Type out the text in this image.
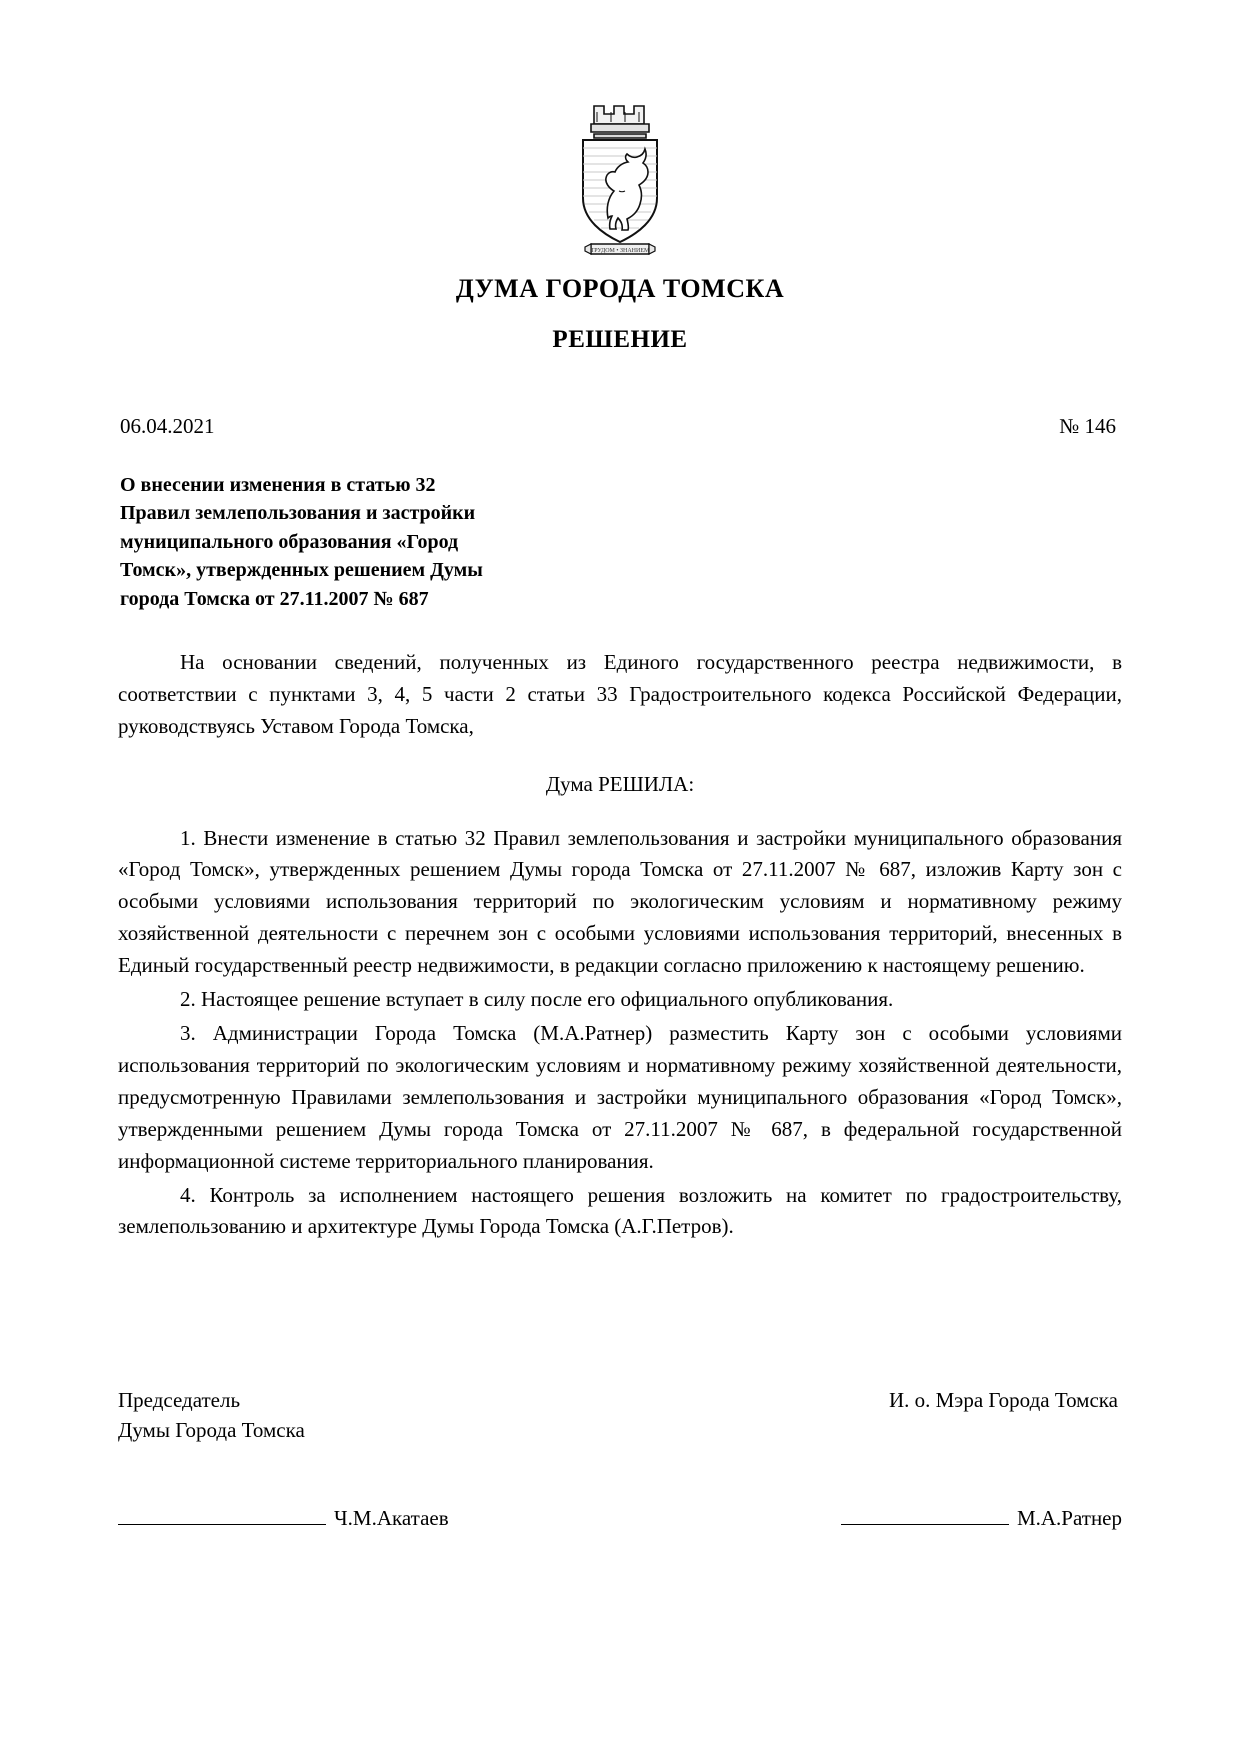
ТРУДОМ • ЗНАНИЕМ
ДУМА ГОРОДА ТОМСКА
РЕШЕНИЕ
06.04.2021	№ 146
О внесении изменения в статью 32
Правил землепользования и застройки
муниципального образования «Город
Томск», утвержденных решением Думы
города Томска от 27.11.2007 № 687

На основании сведений, полученных из Единого государственного реестра недвижимости, в соответствии с пунктами 3, 4, 5 части 2 статьи 33 Градостроительного кодекса Российской Федерации, руководствуясь Уставом Города Томска,

Дума РЕШИЛА:

1. Внести изменение в статью 32 Правил землепользования и застройки муниципального образования «Город Томск», утвержденных решением Думы города Томска от 27.11.2007 № 687, изложив Карту зон с особыми условиями использования территорий по экологическим условиям и нормативному режиму хозяйственной деятельности с перечнем зон с особыми условиями использования территорий, внесенных в Единый государственный реестр недвижимости, в редакции согласно приложению к настоящему решению.

2. Настоящее решение вступает в силу после его официального опубликования.

3. Администрации Города Томска (М.А.Ратнер) разместить Карту зон с особыми условиями использования территорий по экологическим условиям и нормативному режиму хозяйственной деятельности, предусмотренную Правилами землепользования и застройки муниципального образования «Город Томск», утвержденными решением Думы города Томска от 27.11.2007 № 687, в федеральной государственной информационной системе территориального планирования.

4. Контроль за исполнением настоящего решения возложить на комитет по градостроительству, землепользованию и архитектуре Думы Города Томска (А.Г.Петров).

Председатель
Думы Города Томска
И. о. Мэра Города Томска
Ч.М.Акатаев	М.А.Ратнер
